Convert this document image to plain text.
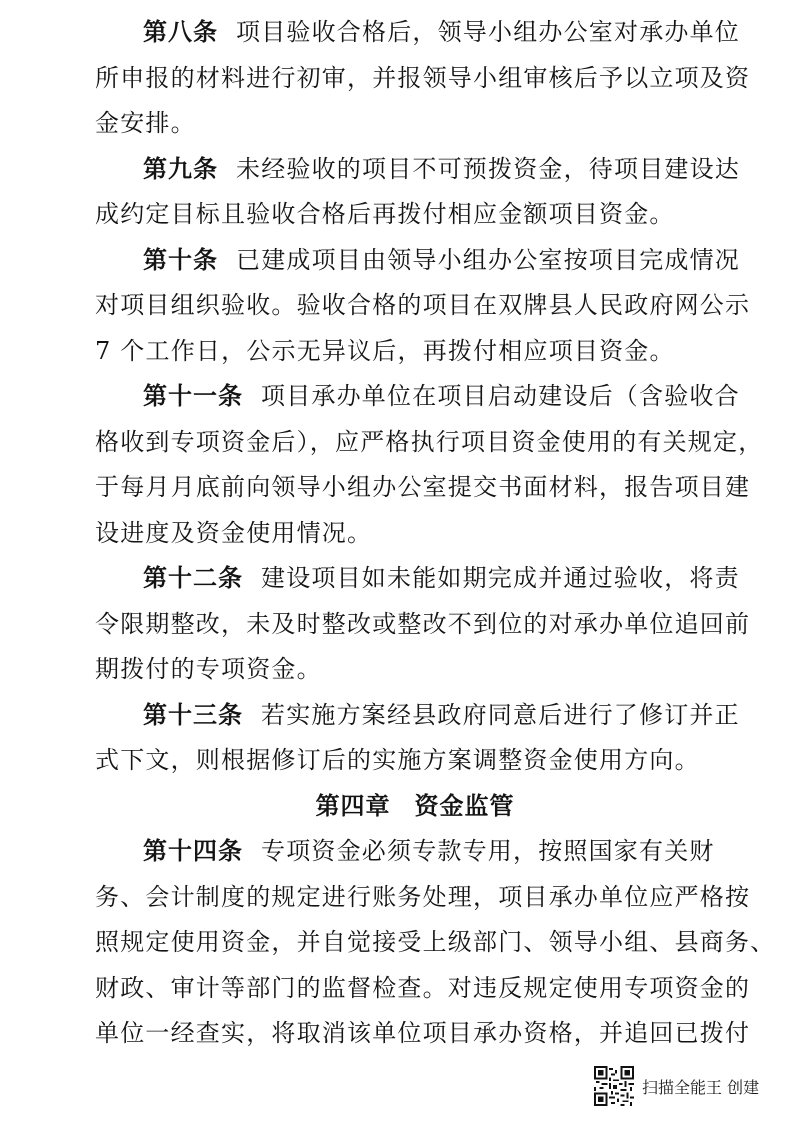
第八条 项目验收合格后，领导小组办公室对承办单位
所申报的材料进行初审，并报领导小组审核后予以立项及资
金安排。

第九条 未经验收的项目不可预拨资金，待项目建设达
成约定目标且验收合格后再拨付相应金额项目资金。

第十条 已建成项目由领导小组办公室按项目完成情况
对项目组织验收。验收合格的项目在双牌县人民政府网公示
7 个工作日，公示无异议后，再拨付相应项目资金。

第十一条 项目承办单位在项目启动建设后（含验收合
格收到专项资金后），应严格执行项目资金使用的有关规定，
于每月月底前向领导小组办公室提交书面材料，报告项目建
设进度及资金使用情况。

第十二条 建设项目如未能如期完成并通过验收，将责
令限期整改，未及时整改或整改不到位的对承办单位追回前
期拨付的专项资金。

第十三条 若实施方案经县政府同意后进行了修订并正
式下文，则根据修订后的实施方案调整资金使用方向。

第四章 资金监管

第十四条 专项资金必须专款专用，按照国家有关财
务、会计制度的规定进行账务处理，项目承办单位应严格按
照规定使用资金，并自觉接受上级部门、领导小组、县商务、
财政、审计等部门的监督检查。对违反规定使用专项资金的
单位一经查实，将取消该单位项目承办资格，并追回已拨付

扫描全能王 创建
